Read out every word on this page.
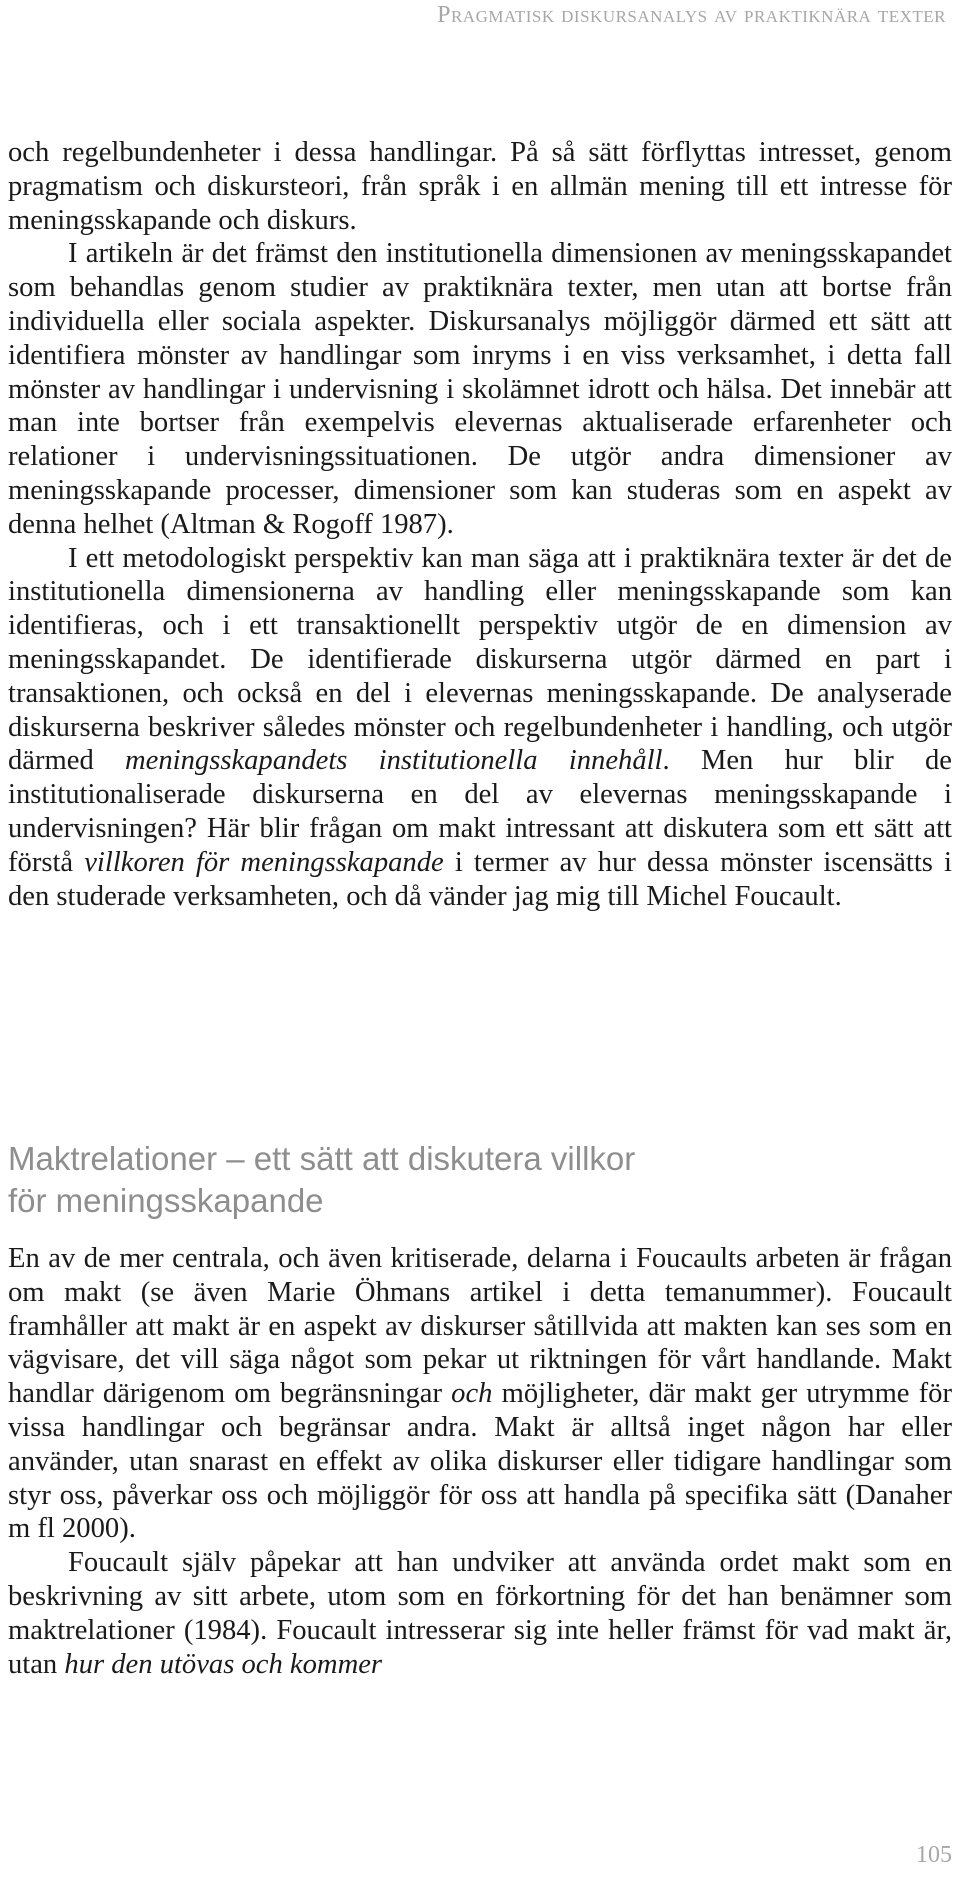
Pragmatisk diskursanalys av praktiknära texter

och regelbundenheter i dessa handlingar. På så sätt förflyttas intresset, genom pragmatism och diskursteori, från språk i en allmän mening till ett intresse för meningsskapande och diskurs.

I artikeln är det främst den institutionella dimensionen av meningsskapandet som behandlas genom studier av praktiknära texter, men utan att bortse från individuella eller sociala aspekter. Diskursanalys möjliggör därmed ett sätt att identifiera mönster av handlingar som inryms i en viss verksamhet, i detta fall mönster av handlingar i undervisning i skolämnet idrott och hälsa. Det innebär att man inte bortser från exempelvis elevernas aktualiserade erfarenheter och relationer i undervisningssituationen. De utgör andra dimensioner av meningsskapande processer, dimensioner som kan studeras som en aspekt av denna helhet (Altman & Rogoff 1987).

I ett metodologiskt perspektiv kan man säga att i praktiknära texter är det de institutionella dimensionerna av handling eller meningsskapande som kan identifieras, och i ett transaktionellt perspektiv utgör de en dimension av meningsskapandet. De identifierade diskurserna utgör därmed en part i transaktionen, och också en del i elevernas meningsskapande. De analyserade diskurserna beskriver således mönster och regelbundenheter i handling, och utgör därmed meningsskapandets institutionella innehåll. Men hur blir de institutionaliserade diskurserna en del av elevernas meningsskapande i undervisningen? Här blir frågan om makt intressant att diskutera som ett sätt att förstå villkoren för meningsskapande i termer av hur dessa mönster iscensätts i den studerade verksamheten, och då vänder jag mig till Michel Foucault.

Maktrelationer – ett sätt att diskutera villkor
för meningsskapande

En av de mer centrala, och även kritiserade, delarna i Foucaults arbeten är frågan om makt (se även Marie Öhmans artikel i detta temanummer). Foucault framhåller att makt är en aspekt av diskurser såtillvida att makten kan ses som en vägvisare, det vill säga något som pekar ut riktningen för vårt handlande. Makt handlar därigenom om begränsningar och möjligheter, där makt ger utrymme för vissa handlingar och begränsar andra. Makt är alltså inget någon har eller använder, utan snarast en effekt av olika diskurser eller tidigare handlingar som styr oss, påverkar oss och möjliggör för oss att handla på specifika sätt (Danaher m fl 2000).

Foucault själv påpekar att han undviker att använda ordet makt som en beskrivning av sitt arbete, utom som en förkortning för det han benämner som maktrelationer (1984). Foucault intresserar sig inte heller främst för vad makt är, utan hur den utövas och kommer

105
